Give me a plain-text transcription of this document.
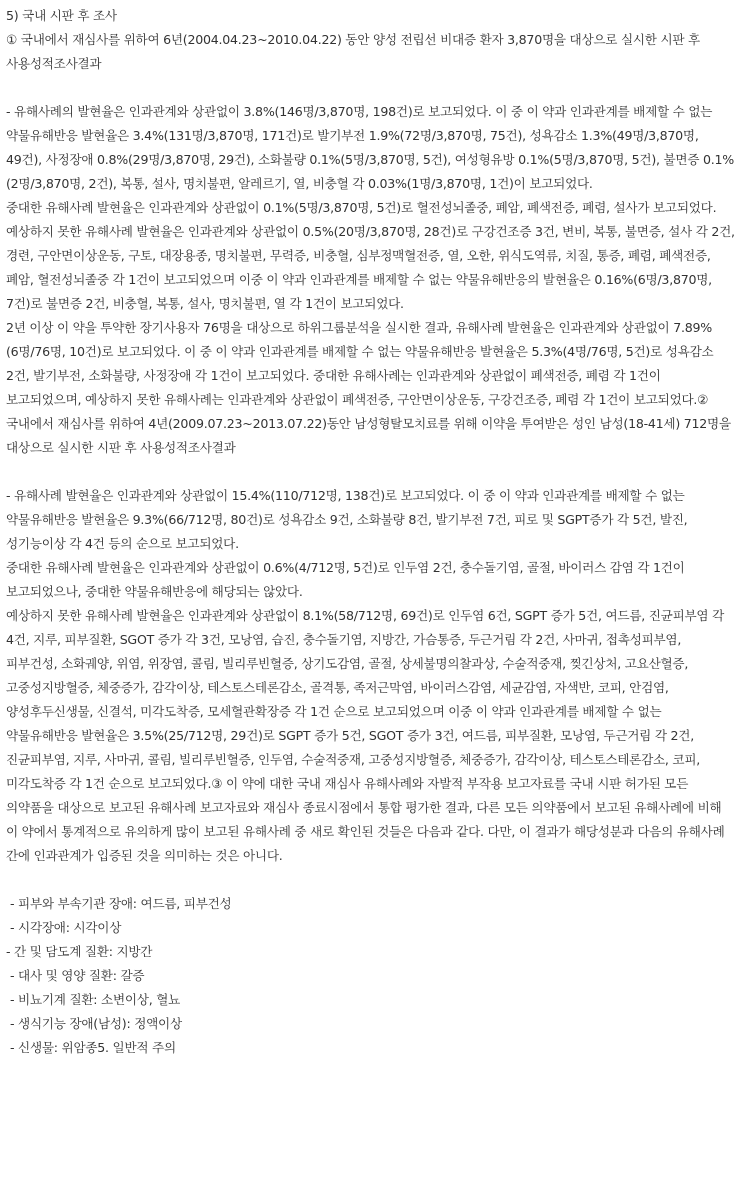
5) 국내 시판 후 조사

① 국내에서 재심사를 위하여 6년(2004.04.23~2010.04.22) 동안 양성 전립선 비대증 환자 3,870명을 대상으로 실시한 시판 후 사용성적조사결과

- 유해사례의 발현율은 인과관계와 상관없이 3.8%(146명/3,870명, 198건)로 보고되었다. 이 중 이 약과 인과관계를 배제할 수 없는 약물유해반응 발현율은 3.4%(131명/3,870명, 171건)로 발기부전 1.9%(72명/3,870명, 75건), 성욕감소 1.3%(49명/3,870명, 49건), 사정장애 0.8%(29명/3,870명, 29건), 소화불량 0.1%(5명/3,870명, 5건), 여성형유방 0.1%(5명/3,870명, 5건), 불면증 0.1%(2명/3,870명, 2건), 복통, 설사, 명치불편, 알레르기, 열, 비충혈 각 0.03%(1명/3,870명, 1건)이 보고되었다.

중대한 유해사례 발현율은 인과관계와 상관없이 0.1%(5명/3,870명, 5건)로 혈전성뇌졸중, 폐암, 폐색전증, 폐렴, 설사가 보고되었다.

예상하지 못한 유해사례 발현율은 인과관계와 상관없이 0.5%(20명/3,870명, 28건)로 구강건조증 3건, 변비, 복통, 불면증, 설사 각 2건, 경련, 구안면이상운동, 구토, 대장용종, 명치불편, 무력증, 비충혈, 심부정맥혈전증, 열, 오한, 위식도역류, 치질, 통증, 폐렴, 폐색전증, 폐암, 혈전성뇌졸중 각 1건이 보고되었으며 이중 이 약과 인과관계를 배제할 수 없는 약물유해반응의 발현율은 0.16%(6명/3,870명, 7건)로 불면증 2건, 비충혈, 복통, 설사, 명치불편, 열 각 1건이 보고되었다.

2년 이상 이 약을 투약한 장기사용자 76명을 대상으로 하위그룹분석을 실시한 결과, 유해사례 발현율은 인과관계와 상관없이 7.89%(6명/76명, 10건)로 보고되었다. 이 중 이 약과 인과관계를 배제할 수 없는 약물유해반응 발현율은 5.3%(4명/76명, 5건)로 성욕감소 2건, 발기부전, 소화불량, 사정장애 각 1건이 보고되었다. 중대한 유해사례는 인과관계와 상관없이 폐색전증, 폐렴 각 1건이 보고되었으며, 예상하지 못한 유해사례는 인과관계와 상관없이 폐색전증, 구안면이상운동, 구강건조증, 폐렴 각 1건이 보고되었다.② 국내에서 재심사를 위하여 4년(2009.07.23~2013.07.22)동안 남성형탈모치료를 위해 이약을 투여받은 성인 남성(18-41세) 712명을 대상으로 실시한 시판 후 사용성적조사결과

- 유해사례 발현율은 인과관계와 상관없이 15.4%(110/712명, 138건)로 보고되었다. 이 중 이 약과 인과관계를 배제할 수 없는 약물유해반응 발현율은 9.3%(66/712명, 80건)로 성욕감소 9건, 소화불량 8건, 발기부전 7건, 피로 및 SGPT증가 각 5건, 발진, 성기능이상 각 4건 등의 순으로 보고되었다.

중대한 유해사례 발현율은 인과관계와 상관없이 0.6%(4/712명, 5건)로 인두염 2건, 충수돌기염, 골절, 바이러스 감염 각 1건이 보고되었으나, 중대한 약물유해반응에 해당되는 않았다.

예상하지 못한 유해사례 발현율은 인과관계와 상관없이 8.1%(58/712명, 69건)로 인두염 6건, SGPT 증가 5건, 여드름, 진균피부염 각 4건, 지루, 피부질환, SGOT 증가 각 3건, 모낭염, 습진, 충수돌기염, 지방간, 가슴통증, 두근거림 각 2건, 사마귀, 접촉성피부염, 피부건성, 소화궤양, 위염, 위장염, 콜림, 빌리루빈혈증, 상기도감염, 골절, 상세불명의찰과상, 수술적중재, 찢긴상처, 고요산혈증, 고중성지방혈증, 체중증가, 감각이상, 테스토스테론감소, 골격통, 족저근막염, 바이러스감염, 세균감염, 자색반, 코피, 안검염, 양성후두신생물, 신결석, 미각도착증, 모세혈관확장증 각 1건 순으로 보고되었으며 이중 이 약과 인과관계를 배제할 수 없는 약물유해반응 발현율은 3.5%(25/712명, 29건)로 SGPT 증가 5건, SGOT 증가 3건, 여드름, 피부질환, 모낭염, 두근거림 각 2건, 진균피부염, 지루, 사마귀, 콜림, 빌리루빈혈증, 인두염, 수술적중재, 고중성지방혈증, 체중증가, 감각이상, 테스토스테론감소, 코피, 미각도착증 각 1건 순으로 보고되었다.③ 이 약에 대한 국내 재심사 유해사례와 자발적 부작용 보고자료를 국내 시판 허가된 모든 의약품을 대상으로 보고된 유해사례 보고자료와 재심사 종료시점에서 통합 평가한 결과, 다른 모든 의약품에서 보고된 유해사례에 비해 이 약에서 통계적으로 유의하게 많이 보고된 유해사례 중 새로 확인된 것들은 다음과 같다. 다만, 이 결과가 해당성분과 다음의 유해사례 간에 인과관계가 입증된 것을 의미하는 것은 아니다.

- 피부와 부속기관 장애: 여드름, 피부건성

- 시각장애: 시각이상

- 간 및 담도계 질환: 지방간

- 대사 및 영양 질환: 갈증

- 비뇨기계 질환: 소변이상, 혈뇨

- 생식기능 장애(남성): 정액이상

- 신생물: 위암종5. 일반적 주의
